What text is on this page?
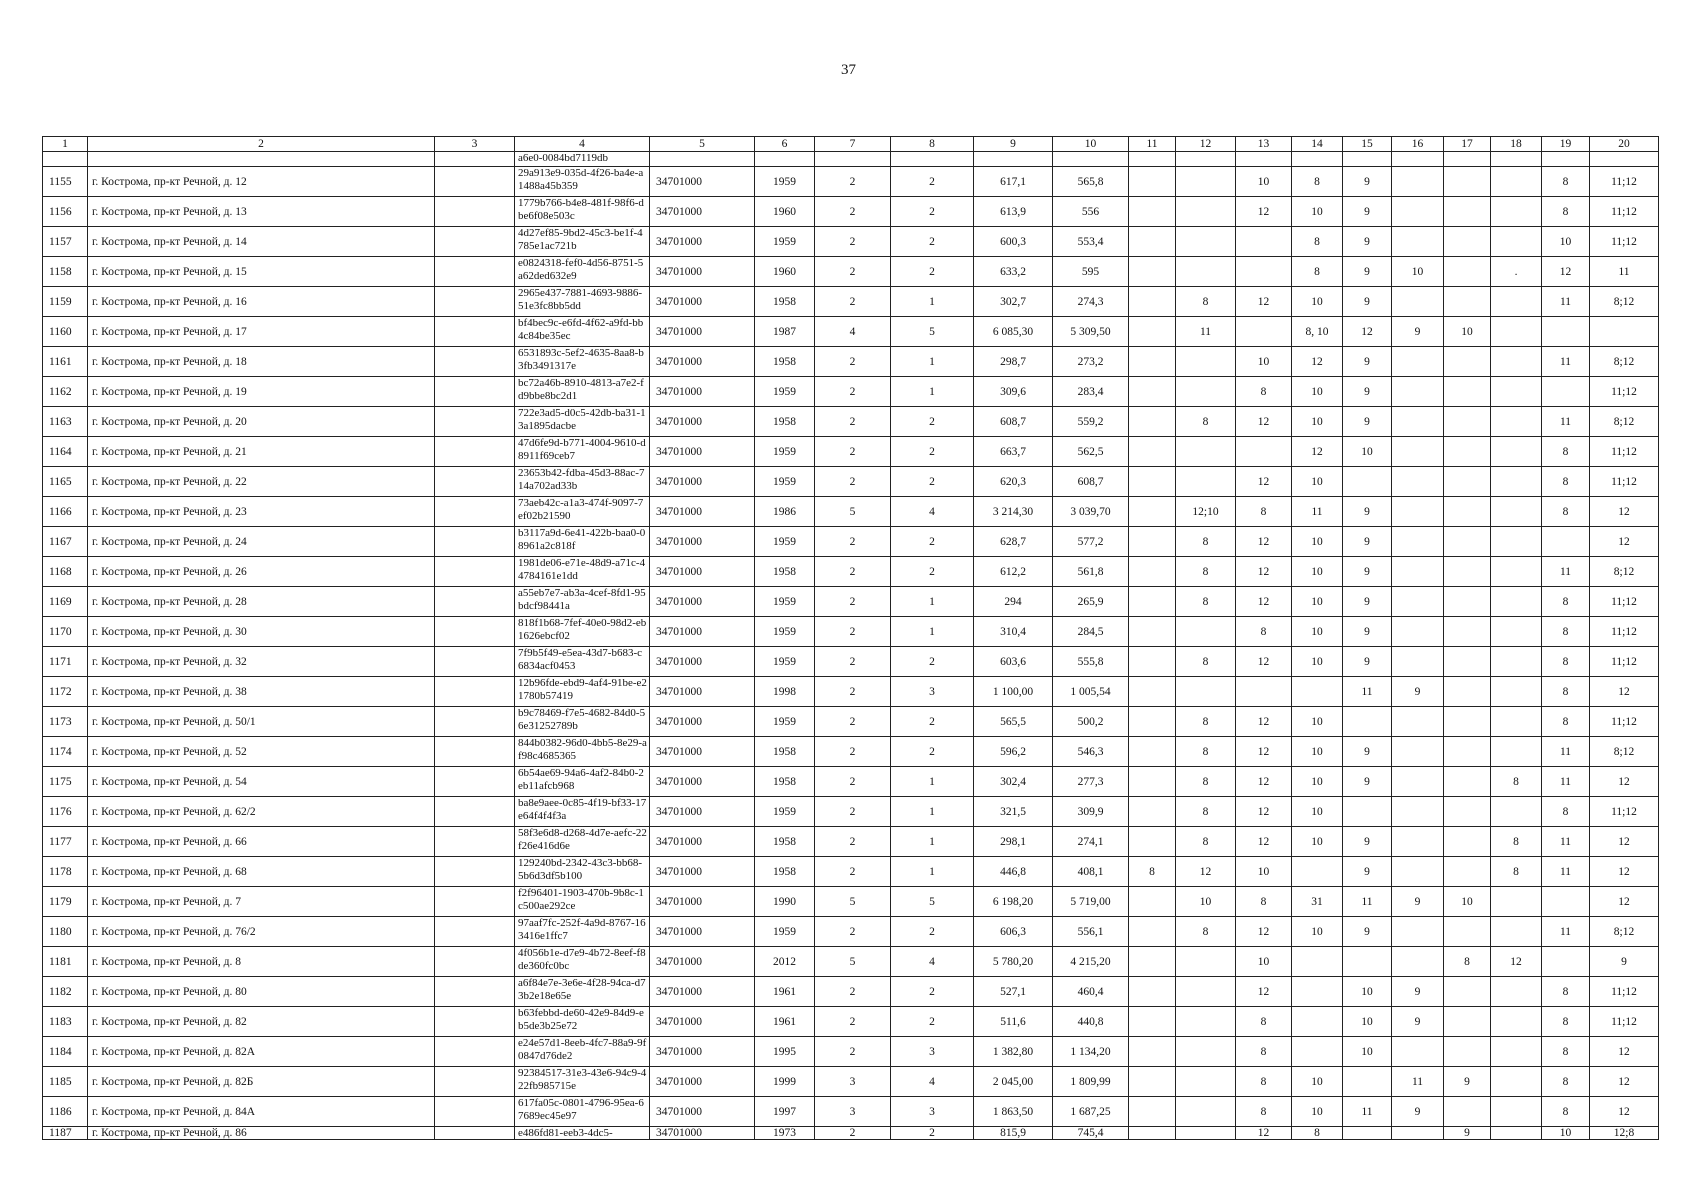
37
1	2	3	4	5	6	7	8	9	10	11	12	13	14	15	16	17	18	19	20
			a6e0-0084bd7119db																
1155	г. Кострома, пр-кт Речной, д. 12		29a913e9-035d-4f26-ba4e-a1488a45b359	34701000	1959	2	2	617,1	565,8			10	8	9				8	11;12
1156	г. Кострома, пр-кт Речной, д. 13		1779b766-b4e8-481f-98f6-dbe6f08e503c	34701000	1960	2	2	613,9	556			12	10	9				8	11;12
1157	г. Кострома, пр-кт Речной, д. 14		4d27ef85-9bd2-45c3-be1f-4785e1ac721b	34701000	1959	2	2	600,3	553,4				8	9				10	11;12
1158	г. Кострома, пр-кт Речной, д. 15		e0824318-fef0-4d56-8751-5a62ded632e9	34701000	1960	2	2	633,2	595				8	9	10		.	12	11
1159	г. Кострома, пр-кт Речной, д. 16		2965e437-7881-4693-9886-51e3fc8bb5dd	34701000	1958	2	1	302,7	274,3		8	12	10	9				11	8;12
1160	г. Кострома, пр-кт Речной, д. 17		bf4bec9c-e6fd-4f62-a9fd-bb4c84be35ec	34701000	1987	4	5	6 085,30	5 309,50		11		8, 10	12	9	10			
1161	г. Кострома, пр-кт Речной, д. 18		6531893c-5ef2-4635-8aa8-b3fb3491317e	34701000	1958	2	1	298,7	273,2			10	12	9				11	8;12
1162	г. Кострома, пр-кт Речной, д. 19		bc72a46b-8910-4813-a7e2-fd9bbe8bc2d1	34701000	1959	2	1	309,6	283,4			8	10	9					11;12
1163	г. Кострома, пр-кт Речной, д. 20		722e3ad5-d0c5-42db-ba31-13a1895dacbe	34701000	1958	2	2	608,7	559,2		8	12	10	9				11	8;12
1164	г. Кострома, пр-кт Речной, д. 21		47d6fe9d-b771-4004-9610-d8911f69ceb7	34701000	1959	2	2	663,7	562,5				12	10				8	11;12
1165	г. Кострома, пр-кт Речной, д. 22		23653b42-fdba-45d3-88ac-714a702ad33b	34701000	1959	2	2	620,3	608,7			12	10					8	11;12
1166	г. Кострома, пр-кт Речной, д. 23		73aeb42c-a1a3-474f-9097-7ef02b21590	34701000	1986	5	4	3 214,30	3 039,70		12;10	8	11	9				8	12
1167	г. Кострома, пр-кт Речной, д. 24		b3117a9d-6e41-422b-baa0-08961a2c818f	34701000	1959	2	2	628,7	577,2		8	12	10	9					12
1168	г. Кострома, пр-кт Речной, д. 26		1981de06-e71e-48d9-a71c-44784161e1dd	34701000	1958	2	2	612,2	561,8		8	12	10	9				11	8;12
1169	г. Кострома, пр-кт Речной, д. 28		a55eb7e7-ab3a-4cef-8fd1-95bdcf98441a	34701000	1959	2	1	294	265,9		8	12	10	9				8	11;12
1170	г. Кострома, пр-кт Речной, д. 30		818f1b68-7fef-40e0-98d2-eb1626ebcf02	34701000	1959	2	1	310,4	284,5			8	10	9				8	11;12
1171	г. Кострома, пр-кт Речной, д. 32		7f9b5f49-e5ea-43d7-b683-c6834acf0453	34701000	1959	2	2	603,6	555,8		8	12	10	9				8	11;12
1172	г. Кострома, пр-кт Речной, д. 38		12b96fde-ebd9-4af4-91be-e21780b57419	34701000	1998	2	3	1 100,00	1 005,54					11	9			8	12
1173	г. Кострома, пр-кт Речной, д. 50/1		b9c78469-f7e5-4682-84d0-56e31252789b	34701000	1959	2	2	565,5	500,2		8	12	10					8	11;12
1174	г. Кострома, пр-кт Речной, д. 52		844b0382-96d0-4bb5-8e29-af98c4685365	34701000	1958	2	2	596,2	546,3		8	12	10	9				11	8;12
1175	г. Кострома, пр-кт Речной, д. 54		6b54ae69-94a6-4af2-84b0-2eb11afcb968	34701000	1958	2	1	302,4	277,3		8	12	10	9			8	11	12
1176	г. Кострома, пр-кт Речной, д. 62/2		ba8e9aee-0c85-4f19-bf33-17e64f4f4f3a	34701000	1959	2	1	321,5	309,9		8	12	10					8	11;12
1177	г. Кострома, пр-кт Речной, д. 66		58f3e6d8-d268-4d7e-aefc-22f26e416d6e	34701000	1958	2	1	298,1	274,1		8	12	10	9			8	11	12
1178	г. Кострома, пр-кт Речной, д. 68		129240bd-2342-43c3-bb68-5b6d3df5b100	34701000	1958	2	1	446,8	408,1	8	12	10		9			8	11	12
1179	г. Кострома, пр-кт Речной, д. 7		f2f96401-1903-470b-9b8c-1c500ae292ce	34701000	1990	5	5	6 198,20	5 719,00		10	8	31	11	9	10			12
1180	г. Кострома, пр-кт Речной, д. 76/2		97aaf7fc-252f-4a9d-8767-163416e1ffc7	34701000	1959	2	2	606,3	556,1		8	12	10	9				11	8;12
1181	г. Кострома, пр-кт Речной, д. 8		4f056b1e-d7e9-4b72-8eef-f8de360fc0bc	34701000	2012	5	4	5 780,20	4 215,20			10				8	12		9
1182	г. Кострома, пр-кт Речной, д. 80		a6f84e7e-3e6e-4f28-94ca-d73b2e18e65e	34701000	1961	2	2	527,1	460,4			12		10	9			8	11;12
1183	г. Кострома, пр-кт Речной, д. 82		b63febbd-de60-42e9-84d9-eb5de3b25e72	34701000	1961	2	2	511,6	440,8			8		10	9			8	11;12
1184	г. Кострома, пр-кт Речной, д. 82А		e24e57d1-8eeb-4fc7-88a9-9f0847d76de2	34701000	1995	2	3	1 382,80	1 134,20			8		10				8	12
1185	г. Кострома, пр-кт Речной, д. 82Б		92384517-31e3-43e6-94c9-422fb985715e	34701000	1999	3	4	2 045,00	1 809,99			8	10		11	9		8	12
1186	г. Кострома, пр-кт Речной, д. 84А		617fa05c-0801-4796-95ea-67689ec45e97	34701000	1997	3	3	1 863,50	1 687,25			8	10	11	9			8	12
1187	г. Кострома, пр-кт Речной, д. 86		e486fd81-eeb3-4dc5-	34701000	1973	2	2	815,9	745,4			12	8			9		10	12;8
